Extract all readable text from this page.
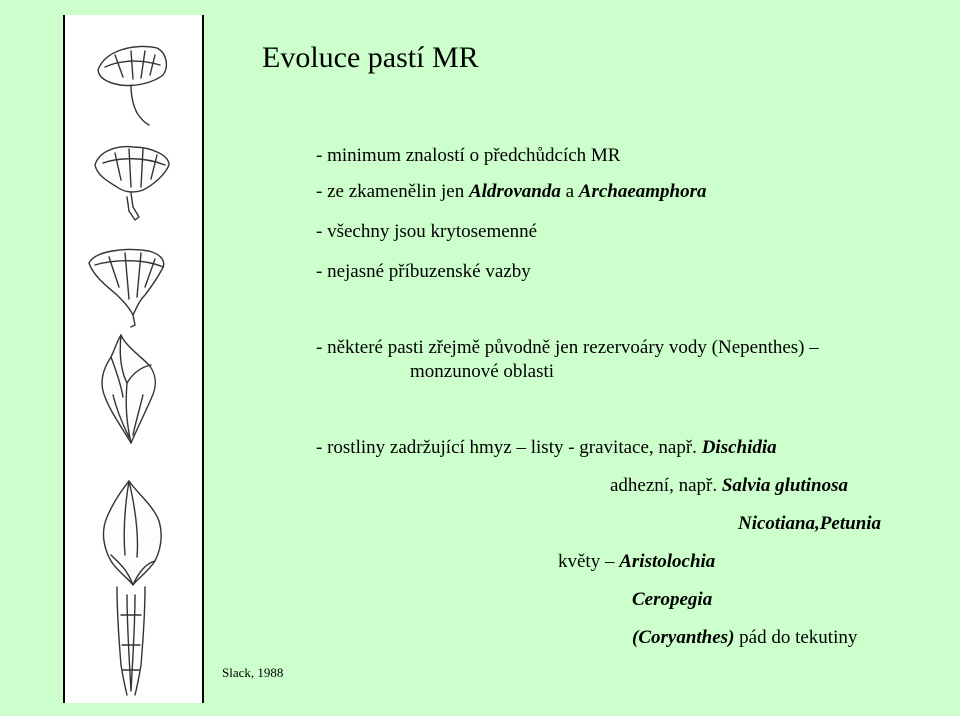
Evoluce pastí MR
- minimum znalostí o předchůdcích MR
- ze zkamenělin jen Aldrovanda a Archaeamphora
- všechny jsou krytosemenné
- nejasné příbuzenské vazby
- některé pasti zřejmě původně jen rezervoáry vody (Nepenthes) –
monzunové oblasti
- rostliny zadržující hmyz – listy - gravitace, např. Dischidia
adhezní, např. Salvia glutinosa
Nicotiana,Petunia
květy – Aristolochia
Ceropegia
(Coryanthes) pád do tekutiny
Slack, 1988
